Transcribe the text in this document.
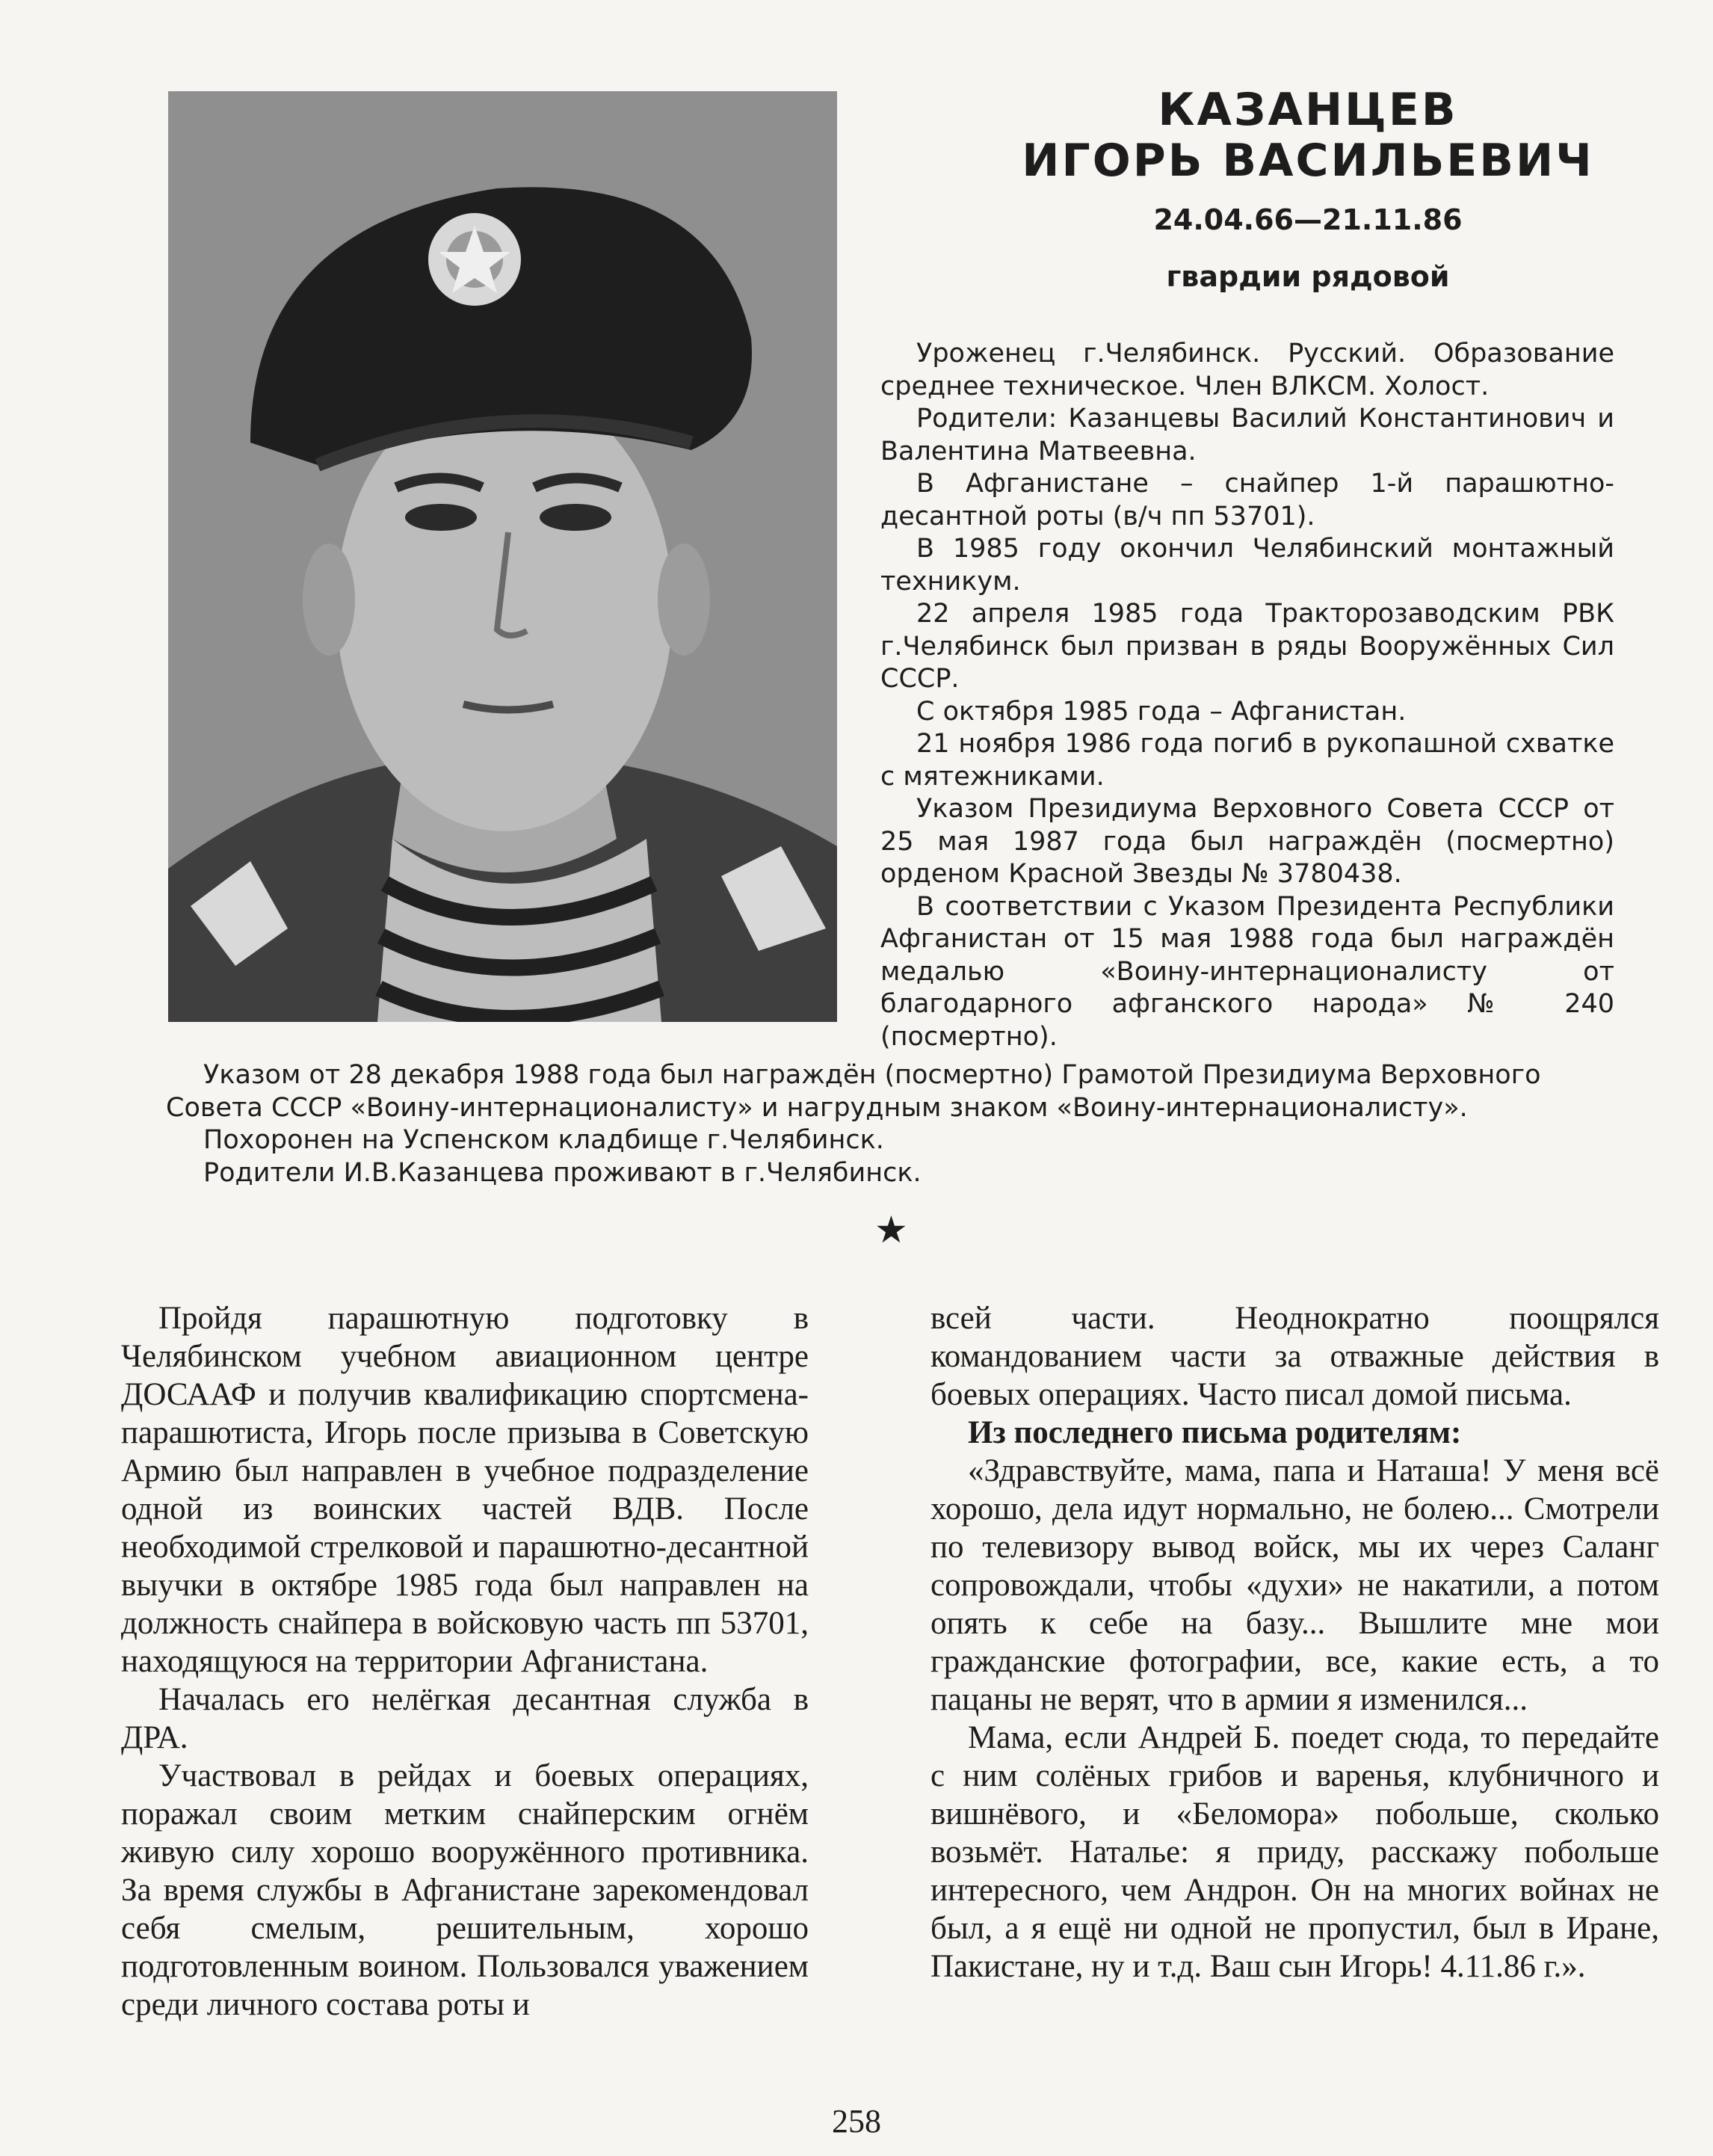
КАЗАНЦЕВ
ИГОРЬ ВАСИЛЬЕВИЧ
24.04.66—21.11.86
гвардии рядовой

Уроженец г.Челябинск. Русский. Образование среднее техническое. Член ВЛКСМ. Холост.

Родители: Казанцевы Василий Константинович и Валентина Матвеевна.

В Афганистане – снайпер 1-й парашютно-десантной роты (в/ч пп 53701).

В 1985 году окончил Челябинский монтажный техникум.

22 апреля 1985 года Тракторозаводским РВК г.Челябинск был призван в ряды Вооружённых Сил СССР.

С октября 1985 года – Афганистан.

21 ноября 1986 года погиб в рукопашной схватке с мятежниками.

Указом Президиума Верховного Совета СССР от 25 мая 1987 года был награждён (посмертно) орденом Красной Звезды № 3780438.

В соответствии с Указом Президента Республики Афганистан от 15 мая 1988 года был награждён медалью «Воину-интернационалисту от благодарного афганского народа» № 240 (посмертно).

Указом от 28 декабря 1988 года был награждён (посмертно) Грамотой Президиума Верховного Совета СССР «Воину-интернационалисту» и нагрудным знаком «Воину-интернационалисту».

Похоронен на Успенском кладбище г.Челябинск.

Родители И.В.Казанцева проживают в г.Челябинск.

★

Пройдя парашютную подготовку в Челябинском учебном авиационном центре ДОСААФ и получив квалификацию спортсмена-парашютиста, Игорь после призыва в Советскую Армию был направлен в учебное подразделение одной из воинских частей ВДВ. После необходимой стрелковой и парашютно-десантной выучки в октябре 1985 года был направлен на должность снайпера в войсковую часть пп 53701, находящуюся на территории Афганистана.

Началась его нелёгкая десантная служба в ДРА.

Участвовал в рейдах и боевых операциях, поражал своим метким снайперским огнём живую силу хорошо вооружённого противника. За время службы в Афганистане зарекомендовал себя смелым, решительным, хорошо подготовленным воином. Пользовался уважением среди личного состава роты и

всей части. Неоднократно поощрялся командованием части за отважные действия в боевых операциях. Часто писал домой письма.

Из последнего письма родителям:

«Здравствуйте, мама, папа и Наташа! У меня всё хорошо, дела идут нормально, не болею... Смотрели по телевизору вывод войск, мы их через Саланг сопровождали, чтобы «духи» не накатили, а потом опять к себе на базу... Вышлите мне мои гражданские фотографии, все, какие есть, а то пацаны не верят, что в армии я изменился...

Мама, если Андрей Б. поедет сюда, то передайте с ним солёных грибов и варенья, клубничного и вишнёвого, и «Беломора» побольше, сколько возьмёт. Наталье: я приду, расскажу побольше интересного, чем Андрон. Он на многих войнах не был, а я ещё ни одной не пропустил, был в Иране, Пакистане, ну и т.д. Ваш сын Игорь! 4.11.86 г.».

258
